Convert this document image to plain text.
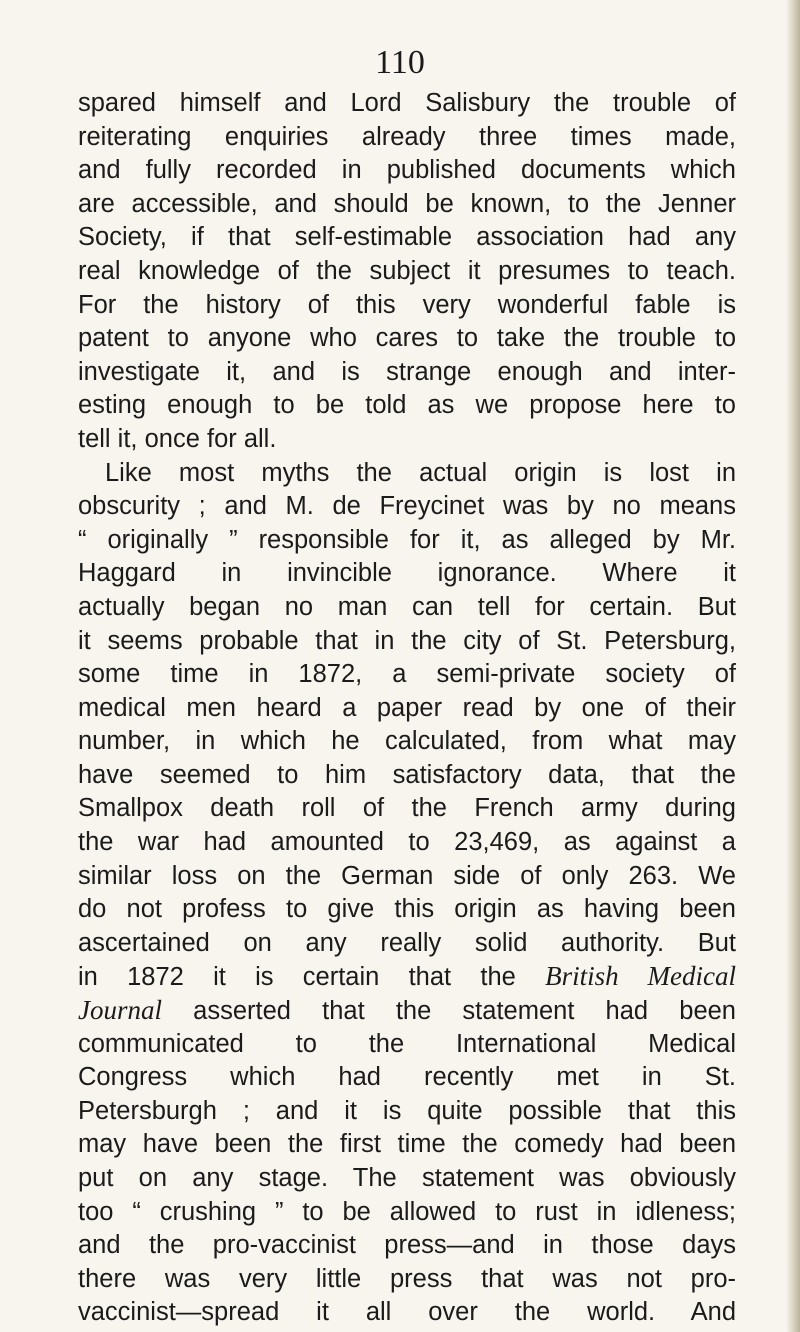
110
spared himself and Lord Salisbury the trouble of
reiterating enquiries already three times made,
and fully recorded in published documents which
are accessible, and should be known, to the Jenner
Society, if that self-estimable association had any
real knowledge of the subject it presumes to teach.
For the history of this very wonderful fable is
patent to anyone who cares to take the trouble to
investigate it, and is strange enough and inter-
esting enough to be told as we propose here to
tell it, once for all.
Like most myths the actual origin is lost in
obscurity ; and M. de Freycinet was by no means
“ originally ” responsible for it, as alleged by Mr.
Haggard in invincible ignorance. Where it
actually began no man can tell for certain. But
it seems probable that in the city of St. Petersburg,
some time in 1872, a semi-private society of
medical men heard a paper read by one of their
number, in which he calculated, from what may
have seemed to him satisfactory data, that the
Smallpox death roll of the French army during
the war had amounted to 23,469, as against a
similar loss on the German side of only 263. We
do not profess to give this origin as having been
ascertained on any really solid authority. But
in 1872 it is certain that the British Medical
Journal asserted that the statement had been
communicated to the International Medical
Congress which had recently met in St.
Petersburgh ; and it is quite possible that this
may have been the first time the comedy had been
put on any stage. The statement was obviously
too “ crushing ” to be allowed to rust in idleness;
and the pro-vaccinist press—and in those days
there was very little press that was not pro-
vaccinist—spread it all over the world. And
